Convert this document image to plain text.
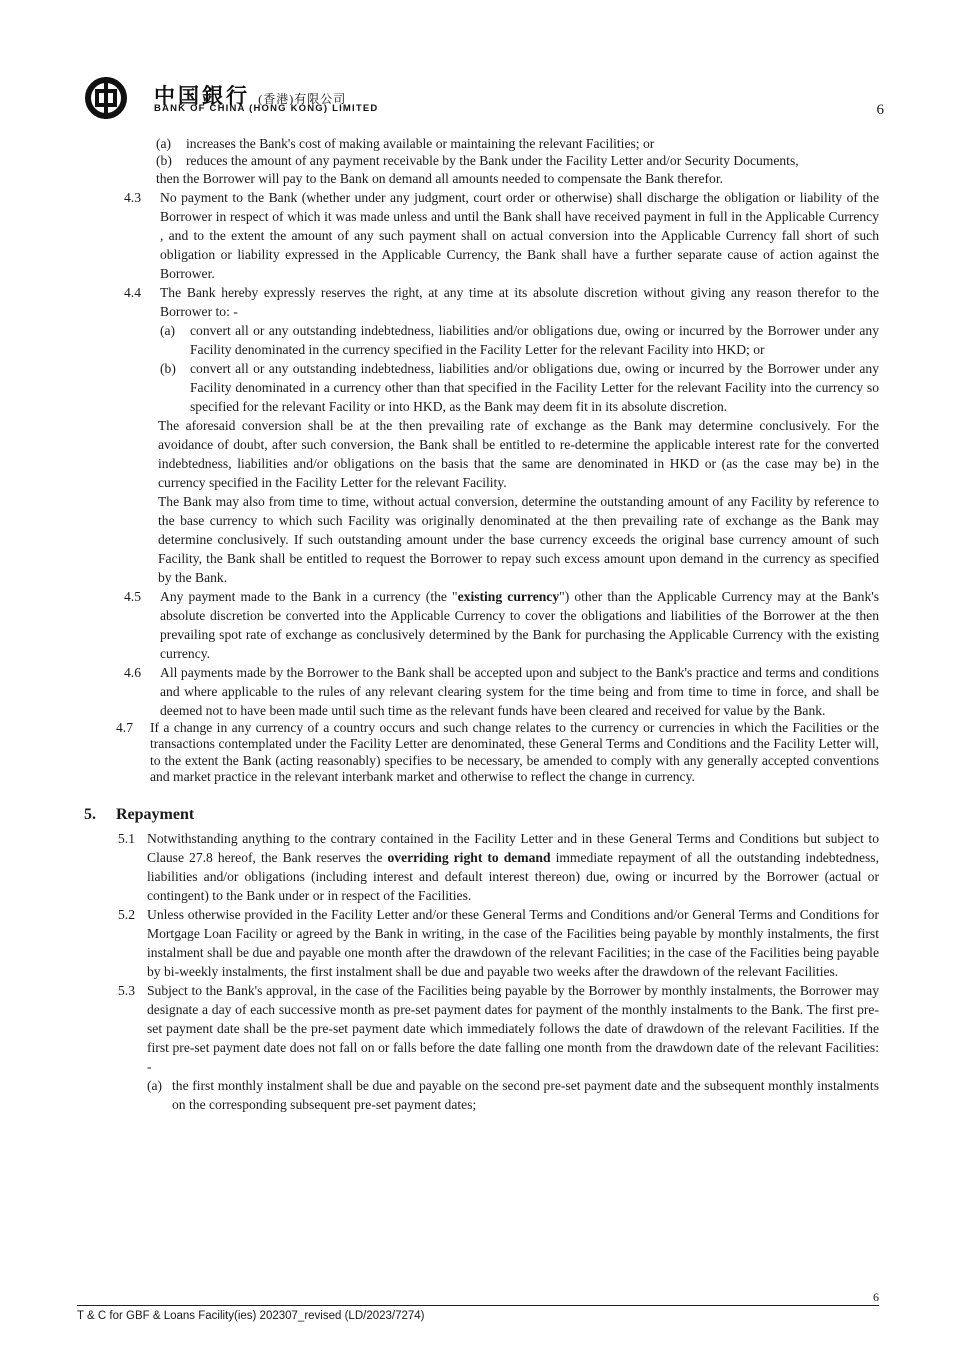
中国銀行 (香港)有限公司
BANK OF CHINA (HONG KONG) LIMITED	6
(a)	increases the Bank's cost of making available or maintaining the relevant Facilities; or
(b)	reduces the amount of any payment receivable by the Bank under the Facility Letter and/or Security Documents,
then the Borrower will pay to the Bank on demand all amounts needed to compensate the Bank therefor.
4.3	No payment to the Bank (whether under any judgment, court order or otherwise) shall discharge the obligation or liability of the Borrower in respect of which it was made unless and until the Bank shall have received payment in full in the Applicable Currency , and to the extent the amount of any such payment shall on actual conversion into the Applicable Currency fall short of such obligation or liability expressed in the Applicable Currency, the Bank shall have a further separate cause of action against the Borrower.
4.4	The Bank hereby expressly reserves the right, at any time at its absolute discretion without giving any reason therefor to the Borrower to: -
(a)	convert all or any outstanding indebtedness, liabilities and/or obligations due, owing or incurred by the Borrower under any Facility denominated in the currency specified in the Facility Letter for the relevant Facility into HKD; or
(b)	convert all or any outstanding indebtedness, liabilities and/or obligations due, owing or incurred by the Borrower under any Facility denominated in a currency other than that specified in the Facility Letter for the relevant Facility into the currency so specified for the relevant Facility or into HKD, as the Bank may deem fit in its absolute discretion.
The aforesaid conversion shall be at the then prevailing rate of exchange as the Bank may determine conclusively. For the avoidance of doubt, after such conversion, the Bank shall be entitled to re-determine the applicable interest rate for the converted indebtedness, liabilities and/or obligations on the basis that the same are denominated in HKD or (as the case may be) in the currency specified in the Facility Letter for the relevant Facility.
The Bank may also from time to time, without actual conversion, determine the outstanding amount of any Facility by reference to the base currency to which such Facility was originally denominated at the then prevailing rate of exchange as the Bank may determine conclusively. If such outstanding amount under the base currency exceeds the original base currency amount of such Facility, the Bank shall be entitled to request the Borrower to repay such excess amount upon demand in the currency as specified by the Bank.
4.5	Any payment made to the Bank in a currency (the "existing currency") other than the Applicable Currency may at the Bank's absolute discretion be converted into the Applicable Currency to cover the obligations and liabilities of the Borrower at the then prevailing spot rate of exchange as conclusively determined by the Bank for purchasing the Applicable Currency with the existing currency.
4.6	All payments made by the Borrower to the Bank shall be accepted upon and subject to the Bank's practice and terms and conditions and where applicable to the rules of any relevant clearing system for the time being and from time to time in force, and shall be deemed not to have been made until such time as the relevant funds have been cleared and received for value by the Bank.
4.7	If a change in any currency of a country occurs and such change relates to the currency or currencies in which the Facilities or the transactions contemplated under the Facility Letter are denominated, these General Terms and Conditions and the Facility Letter will, to the extent the Bank (acting reasonably) specifies to be necessary, be amended to comply with any generally accepted conventions and market practice in the relevant interbank market and otherwise to reflect the change in currency.
5.	Repayment
5.1 Notwithstanding anything to the contrary contained in the Facility Letter and in these General Terms and Conditions but subject to Clause 27.8 hereof, the Bank reserves the overriding right to demand immediate repayment of all the outstanding indebtedness, liabilities and/or obligations (including interest and default interest thereon) due, owing or incurred by the Borrower (actual or contingent) to the Bank under or in respect of the Facilities.
5.2 Unless otherwise provided in the Facility Letter and/or these General Terms and Conditions and/or General Terms and Conditions for Mortgage Loan Facility or agreed by the Bank in writing, in the case of the Facilities being payable by monthly instalments, the first instalment shall be due and payable one month after the drawdown of the relevant Facilities; in the case of the Facilities being payable by bi-weekly instalments, the first instalment shall be due and payable two weeks after the drawdown of the relevant Facilities.
5.3 Subject to the Bank's approval, in the case of the Facilities being payable by the Borrower by monthly instalments, the Borrower may designate a day of each successive month as pre-set payment dates for payment of the monthly instalments to the Bank. The first pre-set payment date shall be the pre-set payment date which immediately follows the date of drawdown of the relevant Facilities. If the first pre-set payment date does not fall on or falls before the date falling one month from the drawdown date of the relevant Facilities: -
(a) the first monthly instalment shall be due and payable on the second pre-set payment date and the subsequent monthly instalments on the corresponding subsequent pre-set payment dates;
6
T & C for GBF & Loans Facility(ies) 202307_revised (LD/2023/7274)
